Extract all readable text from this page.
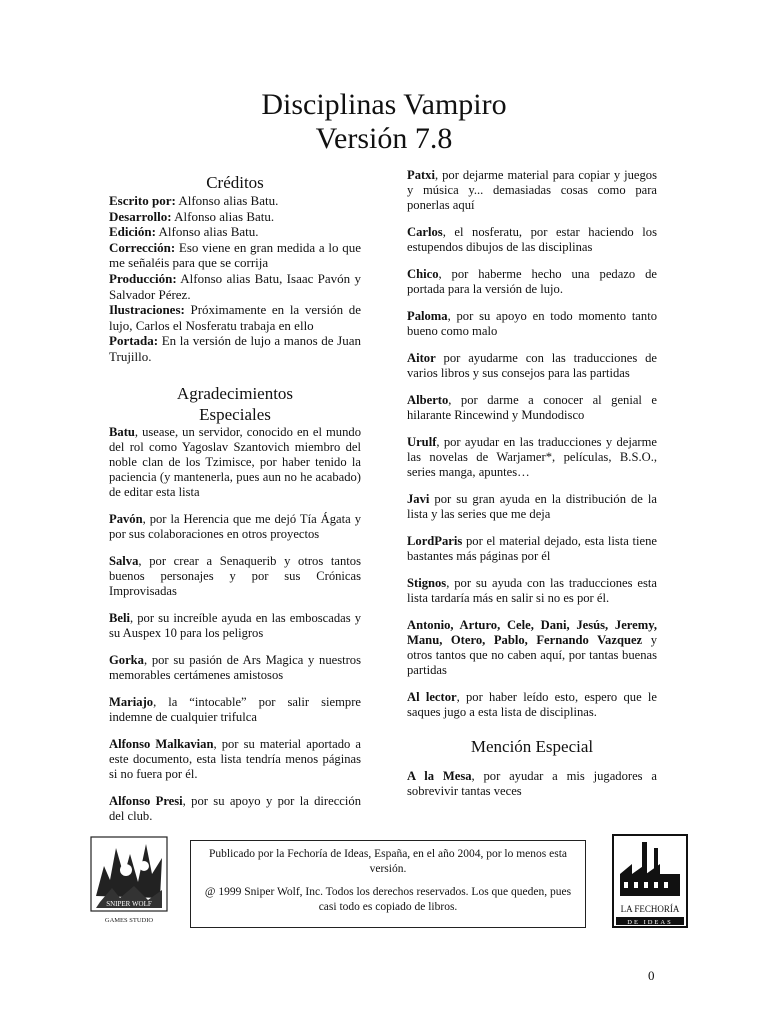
Disciplinas Vampiro
Versión 7.8

Créditos

Escrito por: Alfonso alias Batu.

Desarrollo: Alfonso alias Batu.

Edición: Alfonso alias Batu.

Corrección: Eso viene en gran medida a lo que me señaléis para que se corrija

Producción: Alfonso alias Batu, Isaac Pavón y Salvador Pérez.

Ilustraciones: Próximamente en la versión de lujo, Carlos el Nosferatu trabaja en ello

Portada: En la versión de lujo a manos de Juan Trujillo.

Agradecimientos
Especiales

Batu, usease, un servidor, conocido en el mundo del rol como Yagoslav Szantovich miembro del noble clan de los Tzimisce, por haber tenido la paciencia (y mantenerla, pues aun no he acabado) de editar esta lista

Pavón, por la Herencia que me dejó Tía Ágata y por sus colaboraciones en otros proyectos

Salva, por crear a Senaquerib y otros tantos buenos personajes y por sus Crónicas Improvisadas

Beli, por su increíble ayuda en las emboscadas y su Auspex 10 para los peligros

Gorka, por su pasión de Ars Magica y nuestros memorables certámenes amistosos

Mariajo, la “intocable” por salir siempre indemne de cualquier trifulca

Alfonso Malkavian, por su material aportado a este documento, esta lista tendría menos páginas si no fuera por él.

Alfonso Presi, por su apoyo y por la dirección del club.

Patxi, por dejarme material para copiar y juegos y música y... demasiadas cosas como para ponerlas aquí

Carlos, el nosferatu, por estar haciendo los estupendos dibujos de las disciplinas

Chico, por haberme hecho una pedazo de portada para la versión de lujo.

Paloma, por su apoyo en todo momento tanto bueno como malo

Aitor por ayudarme con las traducciones de varios libros y sus consejos para las partidas

Alberto, por darme a conocer al genial e hilarante Rincewind y Mundodisco

Urulf, por ayudar en las traducciones y dejarme las novelas de Warjamer*, películas, B.S.O., series manga, apuntes…

Javi por su gran ayuda en la distribución de la lista y las series que me deja

LordParis por el material dejado, esta lista tiene bastantes más páginas por él

Stignos, por su ayuda con las traducciones esta lista tardaría más en salir si no es por él.

Antonio, Arturo, Cele, Dani, Jesús, Jeremy, Manu, Otero, Pablo, Fernando Vazquez y otros tantos que no caben aquí, por tantas buenas partidas

Al lector, por haber leído esto, espero que le saques jugo a esta lista de disciplinas.

Mención Especial

A la Mesa, por ayudar a mis jugadores a sobrevivir tantas veces

SNIPER WOLF
GAMES STUDIO

Publicado por la Fechoría de Ideas, España, en el año 2004, por lo menos esta versión.

@ 1999 Sniper Wolf, Inc. Todos los derechos reservados. Los que queden, pues casi todo es copiado de libros.	LA FECHORÍA
DE IDEAS
0
